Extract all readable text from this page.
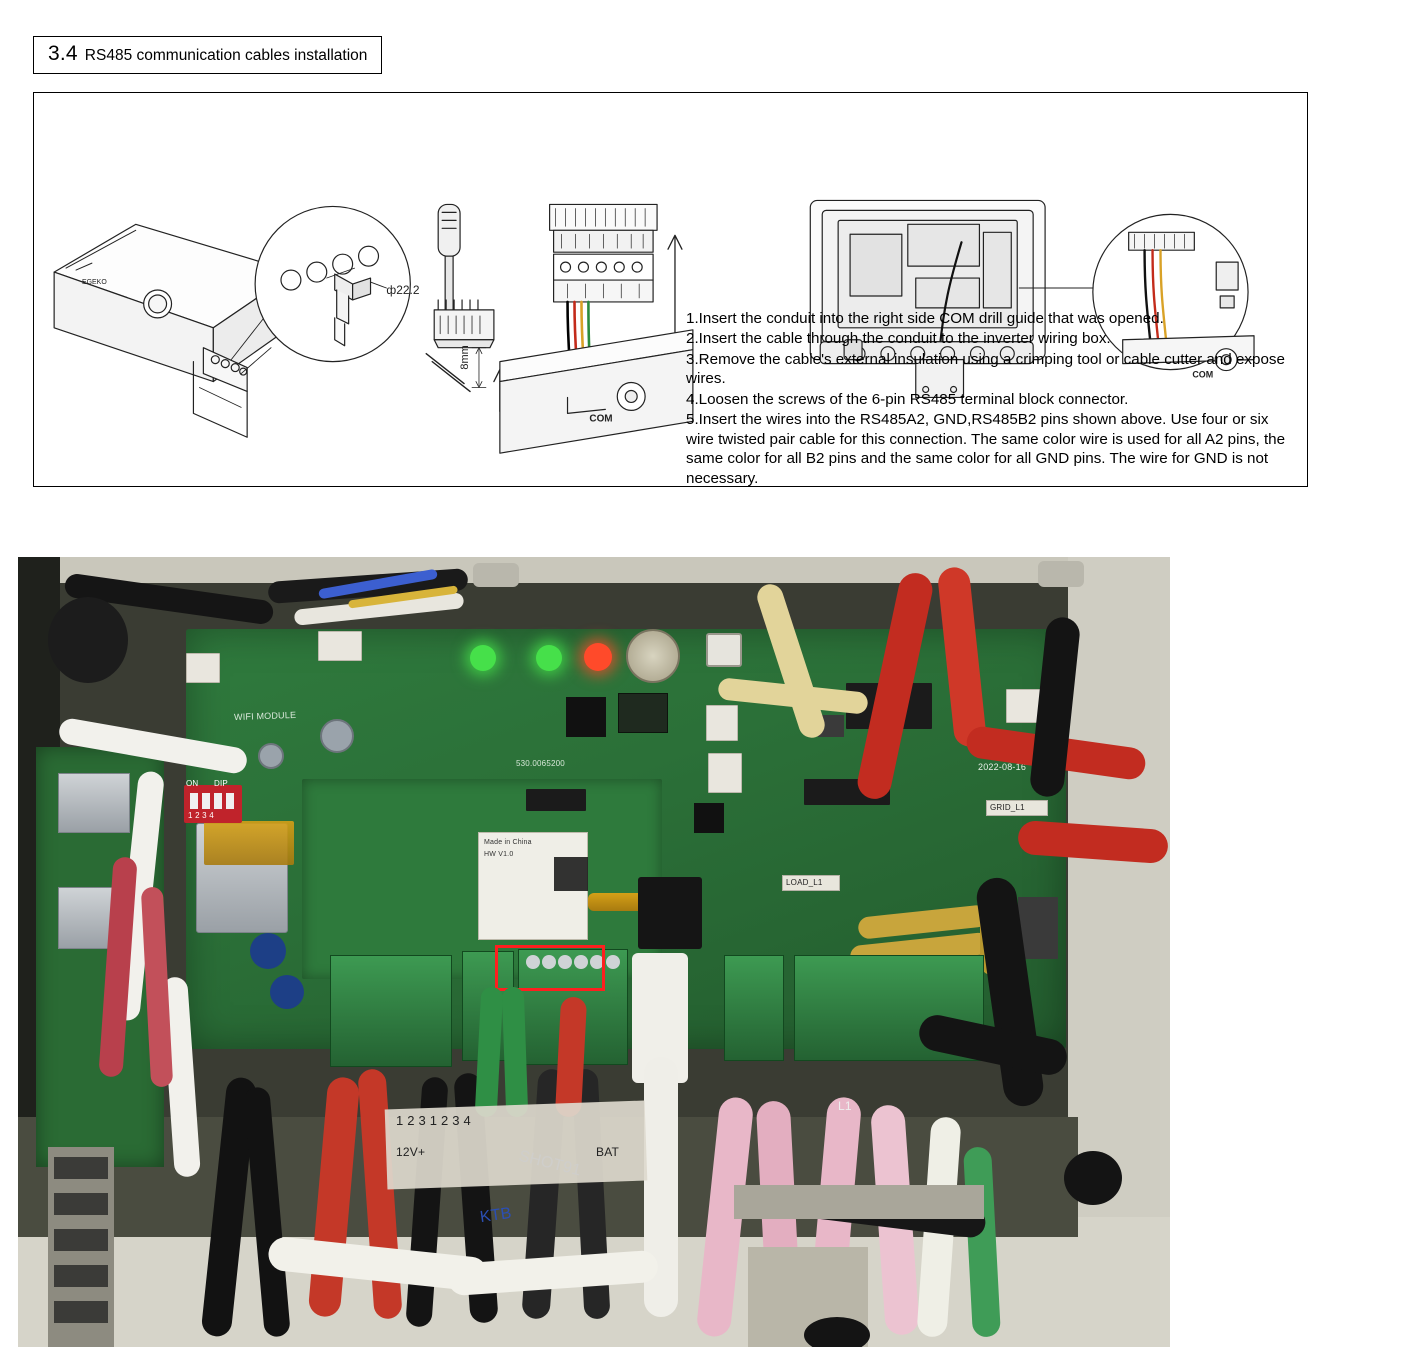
3.4 RS485 communication cables installation
EGEKO
ф22.2
COM
COM
8mm
1.Insert the conduit into the right side COM drill guide that was opened.
2.Insert the cable through the conduit to the inverter wiring box.
3.Remove the cable's external insulation using a crimping tool or cable cutter and expose wires.
4.Loosen the screws of the 6-pin RS485 terminal block connector.
5.Insert the wires into the RS485A2, GND,RS485B2 pins shown above. Use four or six wire twisted pair cable for this connection. The same color wire is used for all A2 pins, the same color for all B2 pins and the same color for all GND pins. The wire for GND is not necessary.
ON DIP
1 2 3 4
Made in China
HW V1.0
530.0065200	2022-08-16
GRID_L1
LOAD_L1
KTB
1 2 3 1 2 3 4
12V+	BAT
L1
WIFI MODULE
